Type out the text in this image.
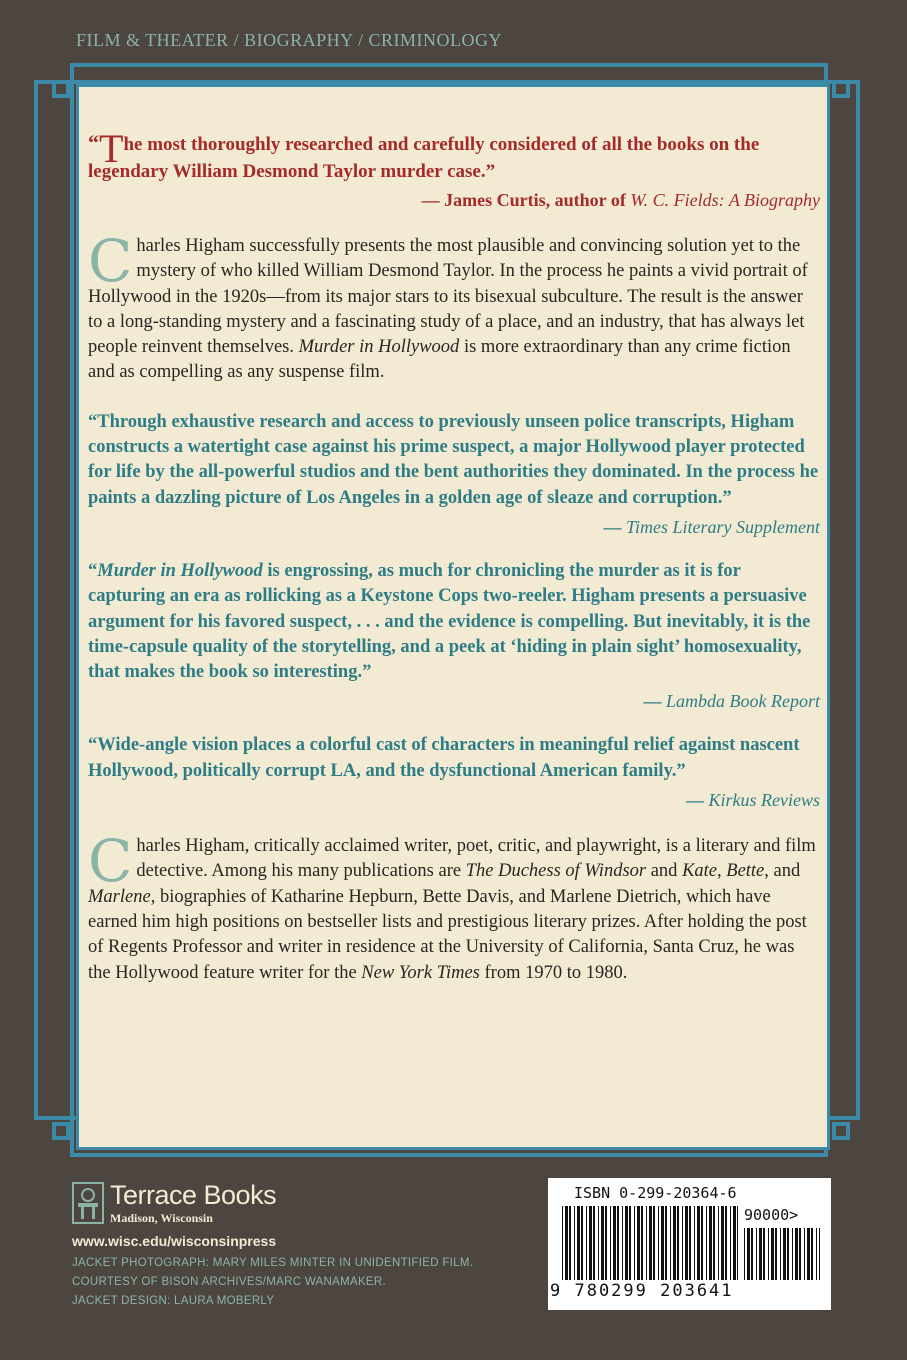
FILM & THEATER / BIOGRAPHY / CRIMINOLOGY
“The most thoroughly researched and carefully considered of all the books on the legendary William Desmond Taylor murder case.”
— James Curtis, author of W. C. Fields: A Biography
Charles Higham successfully presents the most plausible and convincing solution yet to the mystery of who killed William Desmond Taylor. In the process he paints a vivid portrait of Hollywood in the 1920s—from its major stars to its bisexual subculture. The result is the answer to a long-standing mystery and a fascinating study of a place, and an industry, that has always let people reinvent themselves. Murder in Hollywood is more extraordinary than any crime fiction and as compelling as any suspense film.
“Through exhaustive research and access to previously unseen police transcripts, Higham constructs a watertight case against his prime suspect, a major Hollywood player protected for life by the all-powerful studios and the bent authorities they dominated. In the process he paints a dazzling picture of Los Angeles in a golden age of sleaze and corruption.”
— Times Literary Supplement
“Murder in Hollywood is engrossing, as much for chronicling the murder as it is for capturing an era as rollicking as a Keystone Cops two-reeler. Higham presents a persuasive argument for his favored suspect, . . . and the evidence is compelling. But inevitably, it is the time-capsule quality of the storytelling, and a peek at ‘hiding in plain sight’ homosexuality, that makes the book so interesting.”
— Lambda Book Report
“Wide-angle vision places a colorful cast of characters in meaningful relief against nascent Hollywood, politically corrupt LA, and the dysfunctional American family.”
— Kirkus Reviews
Charles Higham, critically acclaimed writer, poet, critic, and playwright, is a literary and film detective. Among his many publications are The Duchess of Windsor and Kate, Bette, and Marlene, biographies of Katharine Hepburn, Bette Davis, and Marlene Dietrich, which have earned him high positions on bestseller lists and prestigious literary prizes. After holding the post of Regents Professor and writer in residence at the University of California, Santa Cruz, he was the Hollywood feature writer for the New York Times from 1970 to 1980.
Terrace Books
Madison, Wisconsin
www.wisc.edu/wisconsinpress
JACKET PHOTOGRAPH: MARY MILES MINTER IN UNIDENTIFIED FILM.
COURTESY OF BISON ARCHIVES/MARC WANAMAKER.
JACKET DESIGN: LAURA MOBERLY
ISBN 0-299-20364-6
90000>
9 780299 203641
